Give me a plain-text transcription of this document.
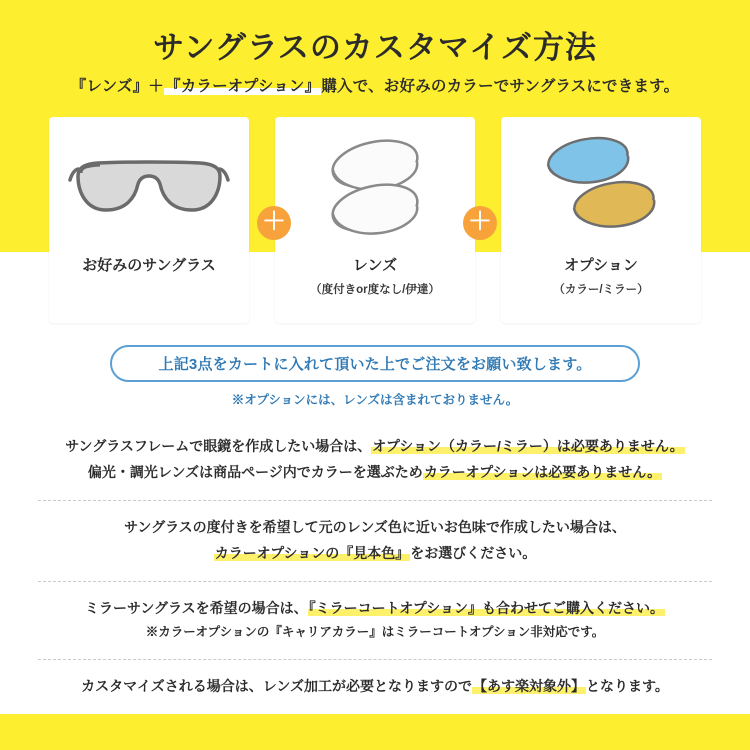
サングラスのカスタマイズ方法
『レンズ』＋『カラーオプション』購入で、お好みのカラーでサングラスにできます。
お好みのサングラス	レンズ
（度付きor度なし/伊達）
オプション
（カラー/ミラー）
＋	＋
上記3点をカートに入れて頂いた上でご注文をお願い致します。
※オプションには、レンズは含まれておりません。
サングラスフレームで眼鏡を作成したい場合は、オプション（カラー/ミラー）は必要ありません。
偏光・調光レンズは商品ページ内でカラーを選ぶためカラーオプションは必要ありません。
サングラスの度付きを希望して元のレンズ色に近いお色味で作成したい場合は、
カラーオプションの『見本色』をお選びください。
ミラーサングラスを希望の場合は、『ミラーコートオプション』も合わせてご購入ください。
※カラーオプションの『キャリアカラー』はミラーコートオプション非対応です。
カスタマイズされる場合は、レンズ加工が必要となりますので【あす楽対象外】となります。
